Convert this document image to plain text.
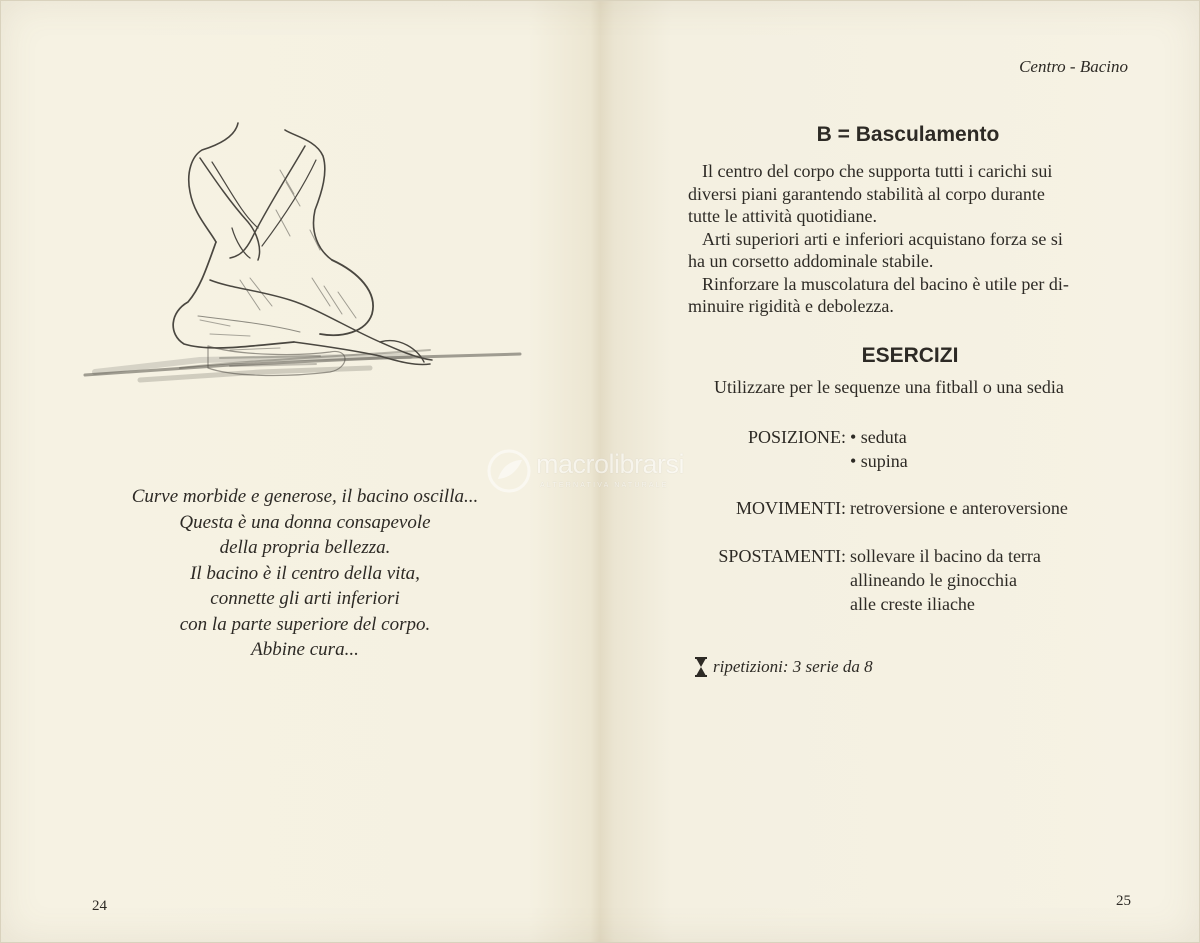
Curve morbide e generose, il bacino oscilla...
Questa è una donna consapevole
della propria bellezza.
Il bacino è il centro della vita,
connette gli arti inferiori
con la parte superiore del corpo.
Abbine cura...
24
Centro - Bacino
B = Basculamento

Il centro del corpo che supporta tutti i carichi sui
diversi piani garantendo stabilità al corpo durante
tutte le attività quotidiane.

Arti superiori arti e inferiori acquistano forza se si
ha un corsetto addominale stabile.

Rinforzare la muscolatura del bacino è utile per di-
minuire rigidità e debolezza.

ESERCIZI
Utilizzare per le sequenze una fitball o una sedia
POSIZIONE: • seduta
• supina
MOVIMENTI: retroversione e anteroversione
SPOSTAMENTI: sollevare il bacino da terra
allineando le ginocchia
alle creste iliache
ripetizioni: 3 serie da 8
25
macrolibrarsi
ALTERNATIVA NATURALE
